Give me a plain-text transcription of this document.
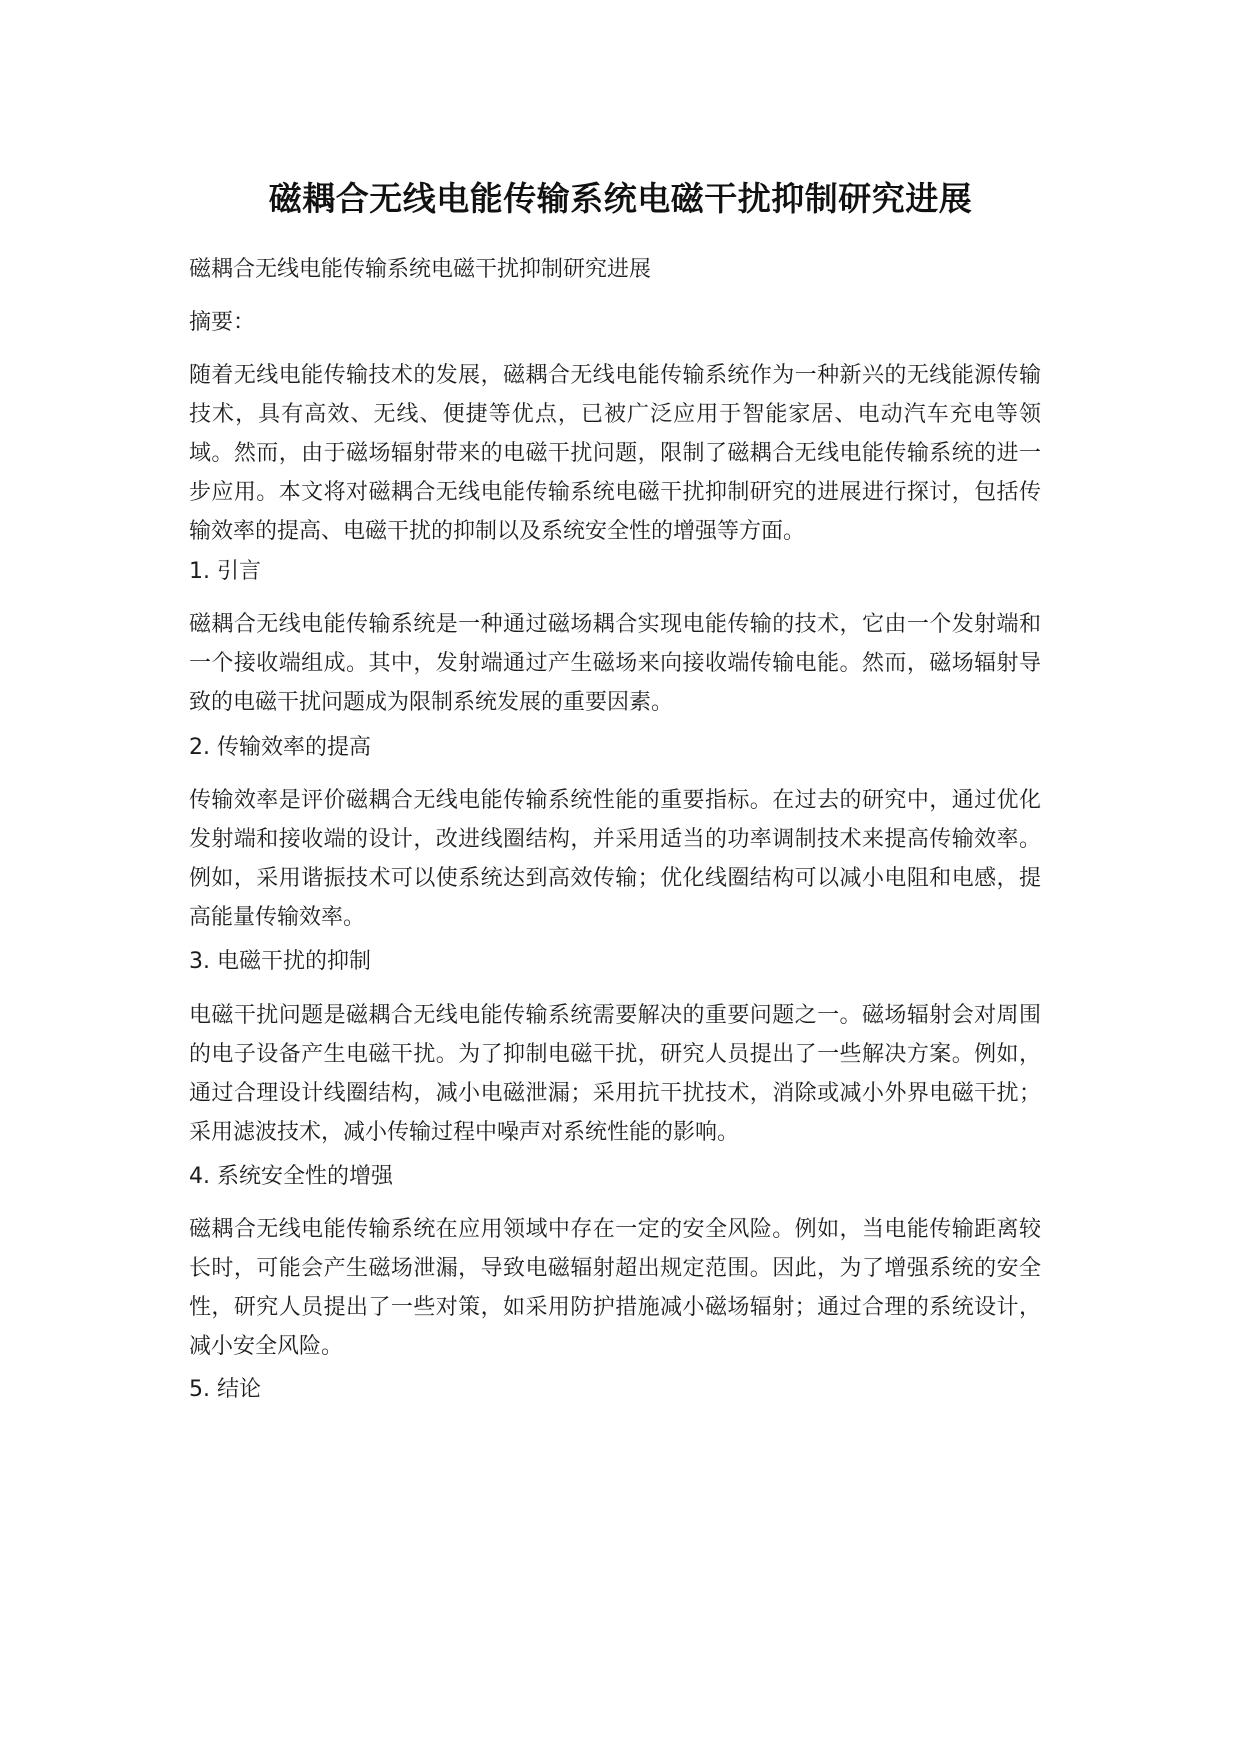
磁耦合无线电能传输系统电磁干扰抑制研究进展

磁耦合无线电能传输系统电磁干扰抑制研究进展

摘要：

随着无线电能传输技术的发展，磁耦合无线电能传输系统作为一种新兴的无线能源传输技术，具有高效、无线、便捷等优点，已被广泛应用于智能家居、电动汽车充电等领域。然而，由于磁场辐射带来的电磁干扰问题，限制了磁耦合无线电能传输系统的进一步应用。本文将对磁耦合无线电能传输系统电磁干扰抑制研究的进展进行探讨，包括传输效率的提高、电磁干扰的抑制以及系统安全性的增强等方面。

1. 引言

磁耦合无线电能传输系统是一种通过磁场耦合实现电能传输的技术，它由一个发射端和一个接收端组成。其中，发射端通过产生磁场来向接收端传输电能。然而，磁场辐射导致的电磁干扰问题成为限制系统发展的重要因素。

2. 传输效率的提高

传输效率是评价磁耦合无线电能传输系统性能的重要指标。在过去的研究中，通过优化发射端和接收端的设计，改进线圈结构，并采用适当的功率调制技术来提高传输效率。例如，采用谐振技术可以使系统达到高效传输；优化线圈结构可以减小电阻和电感，提高能量传输效率。

3. 电磁干扰的抑制

电磁干扰问题是磁耦合无线电能传输系统需要解决的重要问题之一。磁场辐射会对周围的电子设备产生电磁干扰。为了抑制电磁干扰，研究人员提出了一些解决方案。例如，通过合理设计线圈结构，减小电磁泄漏；采用抗干扰技术，消除或减小外界电磁干扰；采用滤波技术，减小传输过程中噪声对系统性能的影响。

4. 系统安全性的增强

磁耦合无线电能传输系统在应用领域中存在一定的安全风险。例如，当电能传输距离较长时，可能会产生磁场泄漏，导致电磁辐射超出规定范围。因此，为了增强系统的安全性，研究人员提出了一些对策，如采用防护措施减小磁场辐射；通过合理的系统设计，减小安全风险。

5. 结论
